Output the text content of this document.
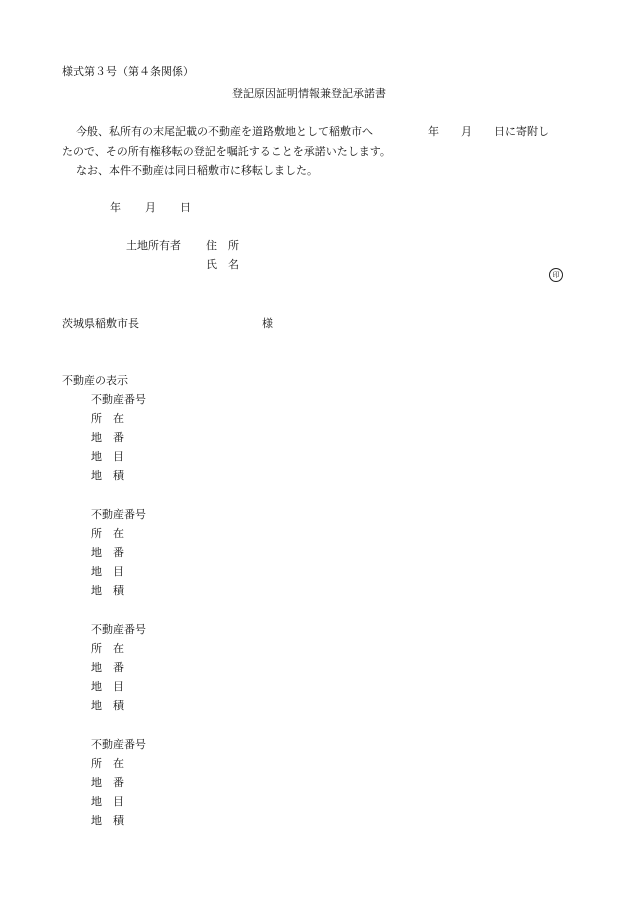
様式第３号（第４条関係）
登記原因証明情報兼登記承諾書
今般、私所有の末尾記載の不動産を道路敷地として稲敷市へ　　　　　年　　月　　日に寄附し
たので、その所有権移転の登記を嘱託することを承諾いたします。
なお、本件不動産は同日稲敷市に移転しました。
年 月 日
土地所有者 住　所
氏　名
印
茨城県稲敷市長	様
不動産の表示
不動産番号
所　在
地　番
地　目
地　積
不動産番号
所　在
地　番
地　目
地　積
不動産番号
所　在
地　番
地　目
地　積
不動産番号
所　在
地　番
地　目
地　積
